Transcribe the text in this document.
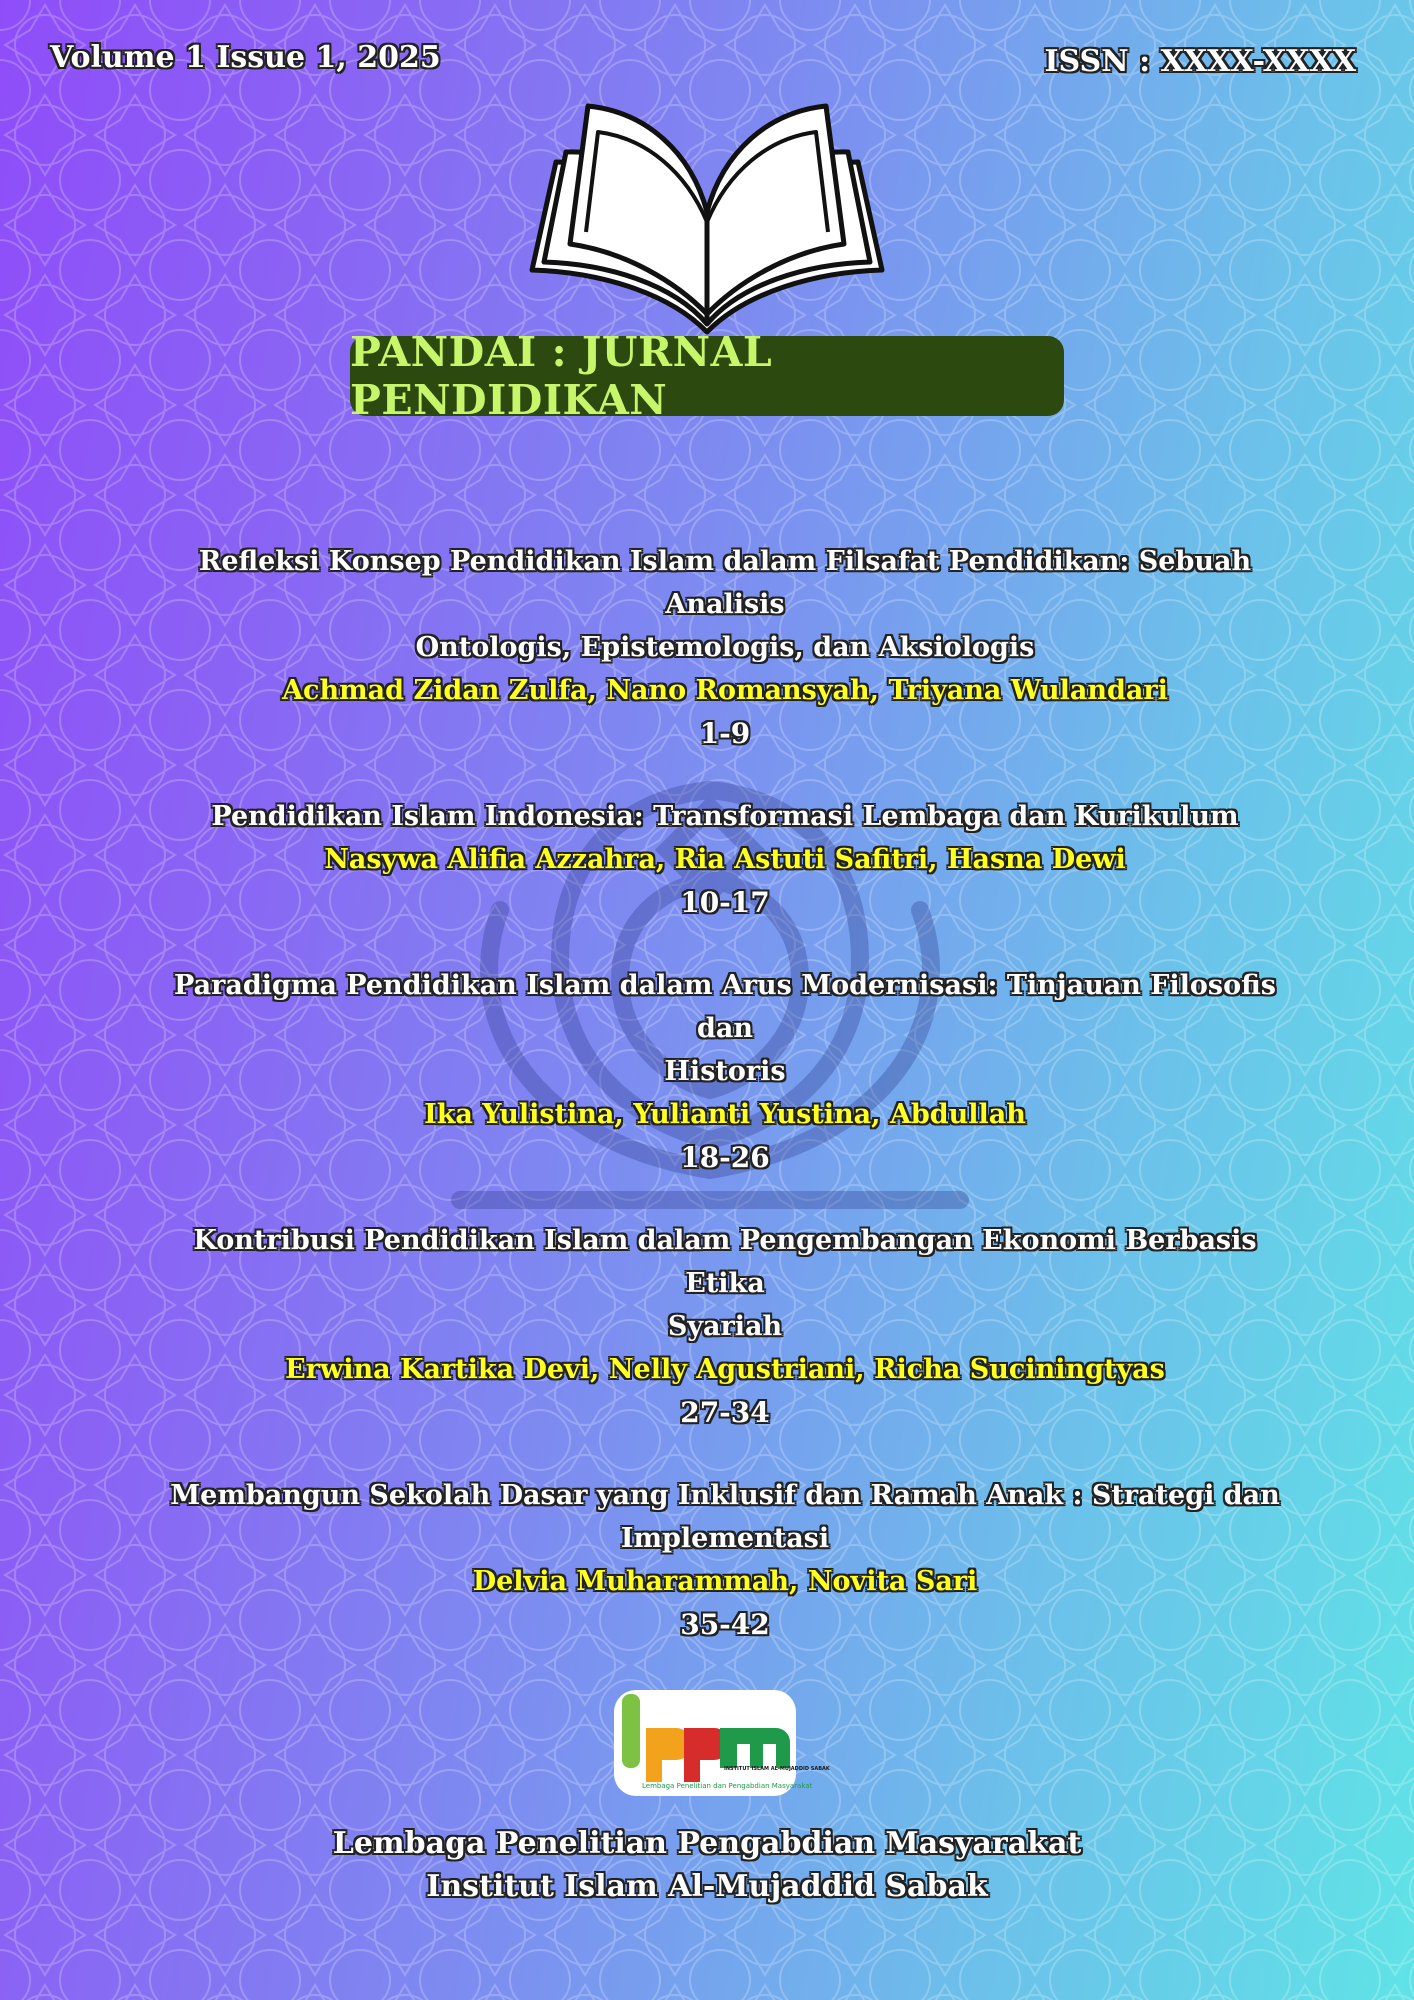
Volume 1 Issue 1, 2025	ISSN : XXXX-XXXX
PANDAI : JURNAL PENDIDIKAN
Refleksi Konsep Pendidikan Islam dalam Filsafat Pendidikan: Sebuah Analisis
Ontologis, Epistemologis, dan Aksiologis
Achmad Zidan Zulfa, Nano Romansyah, Triyana Wulandari
1-9
Pendidikan Islam Indonesia: Transformasi Lembaga dan Kurikulum
Nasywa Alifia Azzahra, Ria Astuti Safitri, Hasna Dewi
10-17
Paradigma Pendidikan Islam dalam Arus Modernisasi: Tinjauan Filosofis dan
Historis
Ika Yulistina, Yulianti Yustina, Abdullah
18-26
Kontribusi Pendidikan Islam dalam Pengembangan Ekonomi Berbasis Etika
Syariah
Erwina Kartika Devi, Nelly Agustriani, Richa Suciningtyas
27-34
Membangun Sekolah Dasar yang Inklusif dan Ramah Anak : Strategi dan
Implementasi
Delvia Muharammah, Novita Sari
35-42
INSTITUT ISLAM AL-MUJADDID SABAK
Lembaga Penelitian dan Pengabdian Masyarakat
Lembaga Penelitian Pengabdian Masyarakat
Institut Islam Al-Mujaddid Sabak
